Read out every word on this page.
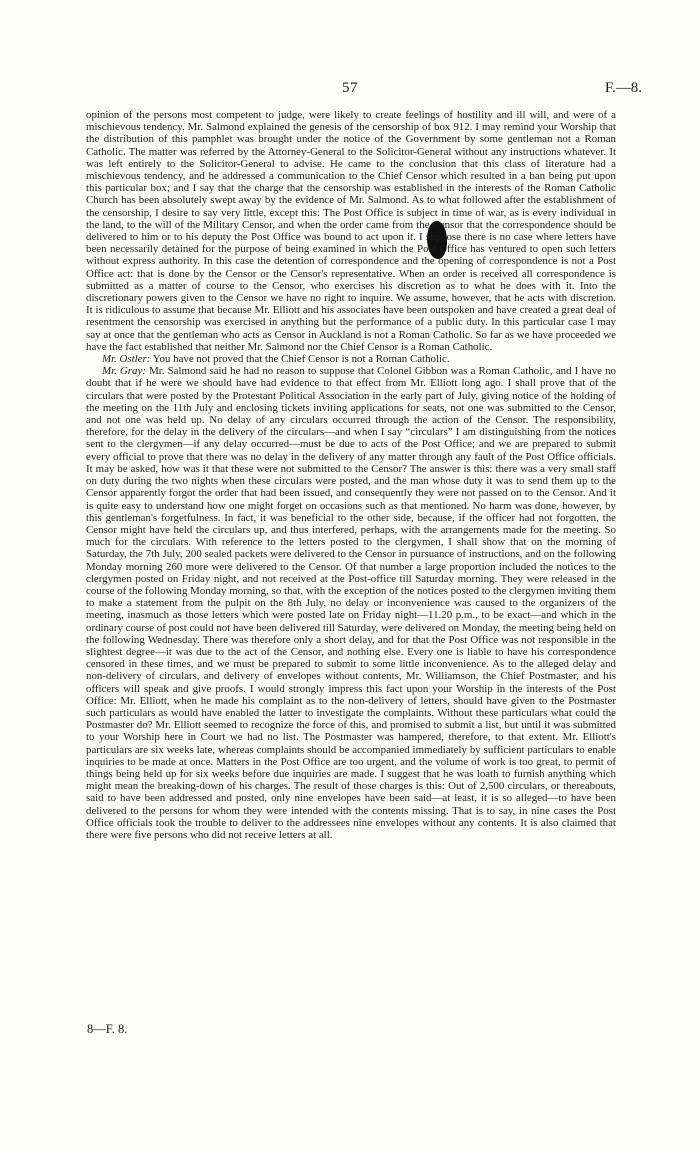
57	F.—8.

opinion of the persons most competent to judge, were likely to create feelings of hostility and ill will, and were of a mischievous tendency. Mr. Salmond explained the genesis of the censorship of box 912. I may remind your Worship that the distribution of this pamphlet was brought under the notice of the Government by some gentleman not a Roman Catholic. The matter was referred by the Attorney-General to the Solicitor-General without any instructions whatever. It was left entirely to the Solicitor-General to advise. He came to the conclusion that this class of literature had a mischievous tendency, and he addressed a communication to the Chief Censor which resulted in a ban being put upon this particular box; and I say that the charge that the censorship was established in the interests of the Roman Catholic Church has been absolutely swept away by the evidence of Mr. Salmond. As to what followed after the establishment of the censorship, I desire to say very little, except this: The Post Office is subject in time of war, as is every individual in the land, to the will of the Military Censor, and when the order came from the Censor that the correspondence should be delivered to him or to his deputy the Post Office was bound to act upon it. I suppose there is no case where letters have been necessarily detained for the purpose of being examined in which the Post Office has ventured to open such letters without express authority. In this case the detention of correspondence and the opening of correspondence is not a Post Office act: that is done by the Censor or the Censor's representative. When an order is received all correspondence is submitted as a matter of course to the Censor, who exercises his discretion as to what he does with it. Into the discretionary powers given to the Censor we have no right to inquire. We assume, however, that he acts with discretion. It is ridiculous to assume that because Mr. Elliott and his associates have been outspoken and have created a great deal of resentment the censorship was exercised in anything but the performance of a public duty. In this particular case I may say at once that the gentleman who acts as Censor in Auckland is not a Roman Catholic. So far as we have proceeded we have the fact established that neither Mr. Salmond nor the Chief Censor is a Roman Catholic.

Mr. Ostler: You have not proved that the Chief Censor is not a Roman Catholic.

Mr. Gray: Mr. Salmond said he had no reason to suppose that Colonel Gibbon was a Roman Catholic, and I have no doubt that if he were we should have had evidence to that effect from Mr. Elliott long ago. I shall prove that of the circulars that were posted by the Protestant Political Association in the early part of July, giving notice of the holding of the meeting on the 11th July and enclosing tickets inviting applications for seats, not one was submitted to the Censor, and not one was held up. No delay of any circulars occurred through the action of the Censor. The responsibility, therefore, for the delay in the delivery of the circulars—and when I say “circulars” I am distinguishing from the notices sent to the clergymen—if any delay occurred—must be due to acts of the Post Office; and we are prepared to submit every official to prove that there was no delay in the delivery of any matter through any fault of the Post Office officials. It may be asked, how was it that these were not submitted to the Censor? The answer is this: there was a very small staff on duty during the two nights when these circulars were posted, and the man whose duty it was to send them up to the Censor apparently forgot the order that had been issued, and consequently they were not passed on to the Censor. And it is quite easy to understand how one might forget on occasions such as that mentioned. No harm was done, however, by this gentleman's forgetfulness. In fact, it was beneficial to the other side, because, if the officer had not forgotten, the Censor might have held the circulars up, and thus interfered, perhaps, with the arrangements made for the meeting. So much for the circulars. With reference to the letters posted to the clergymen, I shall show that on the morning of Saturday, the 7th July, 200 sealed packets were delivered to the Censor in pursuance of instructions, and on the following Monday morning 260 more were delivered to the Censor. Of that number a large proportion included the notices to the clergymen posted on Friday night, and not received at the Post-office till Saturday morning. They were released in the course of the following Monday morning, so that, with the exception of the notices posted to the clergymen inviting them to make a statement from the pulpit on the 8th July, no delay or inconvenience was caused to the organizers of the meeting, inasmuch as those letters which were posted late on Friday night—11.20 p.m., to be exact—and which in the ordinary course of post could not have been delivered till Saturday, were delivered on Monday, the meeting being held on the following Wednesday. There was therefore only a short delay, and for that the Post Office was not responsible in the slightest degree—it was due to the act of the Censor, and nothing else. Every one is liable to have his correspondence censored in these times, and we must be prepared to submit to some little inconvenience. As to the alleged delay and non-delivery of circulars, and delivery of envelopes without contents, Mr. Williamson, the Chief Postmaster, and his officers will speak and give proofs. I would strongly impress this fact upon your Worship in the interests of the Post Office: Mr. Elliott, when he made his complaint as to the non-delivery of letters, should have given to the Postmaster such particulars as would have enabled the latter to investigate the complaints. Without these particulars what could the Postmaster do? Mr. Elliott seemed to recognize the force of this, and promised to submit a list, but until it was submitted to your Worship here in Court we had no list. The Postmaster was hampered, therefore, to that extent. Mr. Elliott's particulars are six weeks late, whereas complaints should be accompanied immediately by sufficient particulars to enable inquiries to be made at once. Matters in the Post Office are too urgent, and the volume of work is too great, to permit of things being held up for six weeks before due inquiries are made. I suggest that he was loath to furnish anything which might mean the breaking-down of his charges. The result of those charges is this: Out of 2,500 circulars, or thereabouts, said to have been addressed and posted, only nine envelopes have been said—at least, it is so alleged—to have been delivered to the persons for whom they were intended with the contents missing. That is to say, in nine cases the Post Office officials took the trouble to deliver to the addressees nine envelopes without any contents. It is also claimed that there were five persons who did not receive letters at all.

8—F. 8.
